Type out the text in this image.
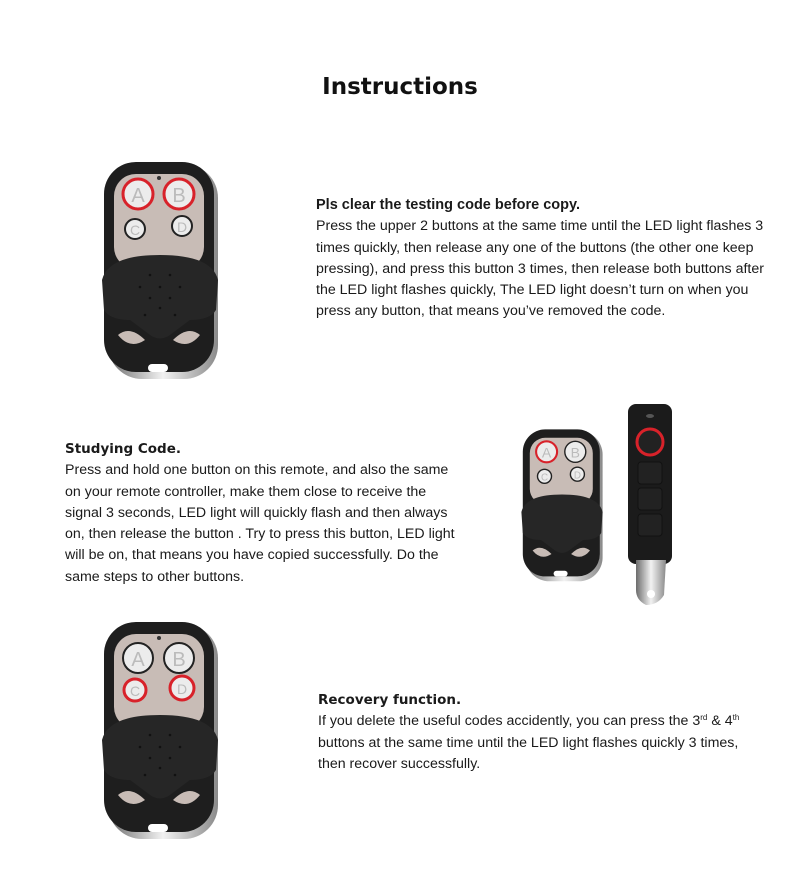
Instructions
A B
C	D

Pls clear the testing code before copy.

Press the upper 2 buttons at the same time until the LED light flashes 3

times quickly, then release any one of the buttons (the other one keep

pressing), and press this button 3 times, then release both buttons after

the LED light flashes quickly, The LED light doesn’t turn on when you

press any button, that means you’ve removed the code.

Studying Code.

Press and hold one button on this remote, and also the same

on your remote controller, make them close to receive the

signal 3 seconds, LED light will quickly flash and then always

on, then release the button . Try to press this button, LED light

will be on, that means you have copied successfully. Do the

same steps to other buttons.

A B
C D
A B
C	D

Recovery function.

If you delete the useful codes accidently, you can press the 3rd & 4th

buttons at the same time until the LED light flashes quickly 3 times,

then recover successfully.
